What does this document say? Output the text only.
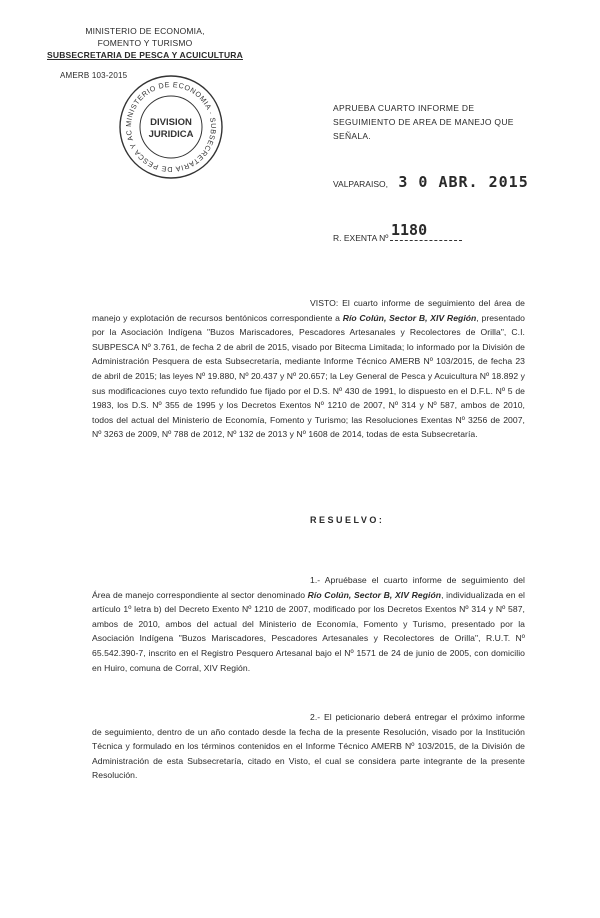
MINISTERIO DE ECONOMIA,
FOMENTO Y TURISMO
SUBSECRETARIA DE PESCA Y ACUICULTURA
AMERB 103-2015
MINISTERIO DE ECONOMIA · SUBSECRETARIA DE PESCA Y AC
DIVISION
JURIDICA
APRUEBA CUARTO INFORME DE SEGUIMIENTO DE AREA DE MANEJO QUE SEÑALA.
VALPARAISO, 3 0 ABR. 2015
R. EXENTA Nº 1180
VISTO: El cuarto informe de seguimiento del área de manejo y explotación de recursos bentónicos correspondiente a Río Colún, Sector B, XIV Región, presentado por la Asociación Indígena "Buzos Mariscadores, Pescadores Artesanales y Recolectores de Orilla", C.I. SUBPESCA Nº 3.761, de fecha 2 de abril de 2015, visado por Bitecma Limitada; lo informado por la División de Administración Pesquera de esta Subsecretaría, mediante Informe Técnico AMERB Nº 103/2015, de fecha 23 de abril de 2015; las leyes Nº 19.880, Nº 20.437 y Nº 20.657; la Ley General de Pesca y Acuicultura Nº 18.892 y sus modificaciones cuyo texto refundido fue fijado por el D.S. Nº 430 de 1991, lo dispuesto en el D.F.L. Nº 5 de 1983, los D.S. Nº 355 de 1995 y los Decretos Exentos Nº 1210 de 2007, Nº 314 y Nº 587, ambos de 2010, todos del actual del Ministerio de Economía, Fomento y Turismo; las Resoluciones Exentas Nº 3256 de 2007, Nº 3263 de 2009, Nº 788 de 2012, Nº 132 de 2013 y Nº 1608 de 2014, todas de esta Subsecretaría.
RESUELVO:
1.- Apruébase el cuarto informe de seguimiento del Área de manejo correspondiente al sector denominado Río Colún, Sector B, XIV Región, individualizada en el artículo 1º letra b) del Decreto Exento Nº 1210 de 2007, modificado por los Decretos Exentos Nº 314 y Nº 587, ambos de 2010, ambos del actual del Ministerio de Economía, Fomento y Turismo, presentado por la Asociación Indígena "Buzos Mariscadores, Pescadores Artesanales y Recolectores de Orilla", R.U.T. Nº 65.542.390-7, inscrito en el Registro Pesquero Artesanal bajo el Nº 1571 de 24 de junio de 2005, con domicilio en Huiro, comuna de Corral, XIV Región.
2.- El peticionario deberá entregar el próximo informe de seguimiento, dentro de un año contado desde la fecha de la presente Resolución, visado por la Institución Técnica y formulado en los términos contenidos en el Informe Técnico AMERB Nº 103/2015, de la División de Administración de esta Subsecretaría, citado en Visto, el cual se considera parte integrante de la presente Resolución.
